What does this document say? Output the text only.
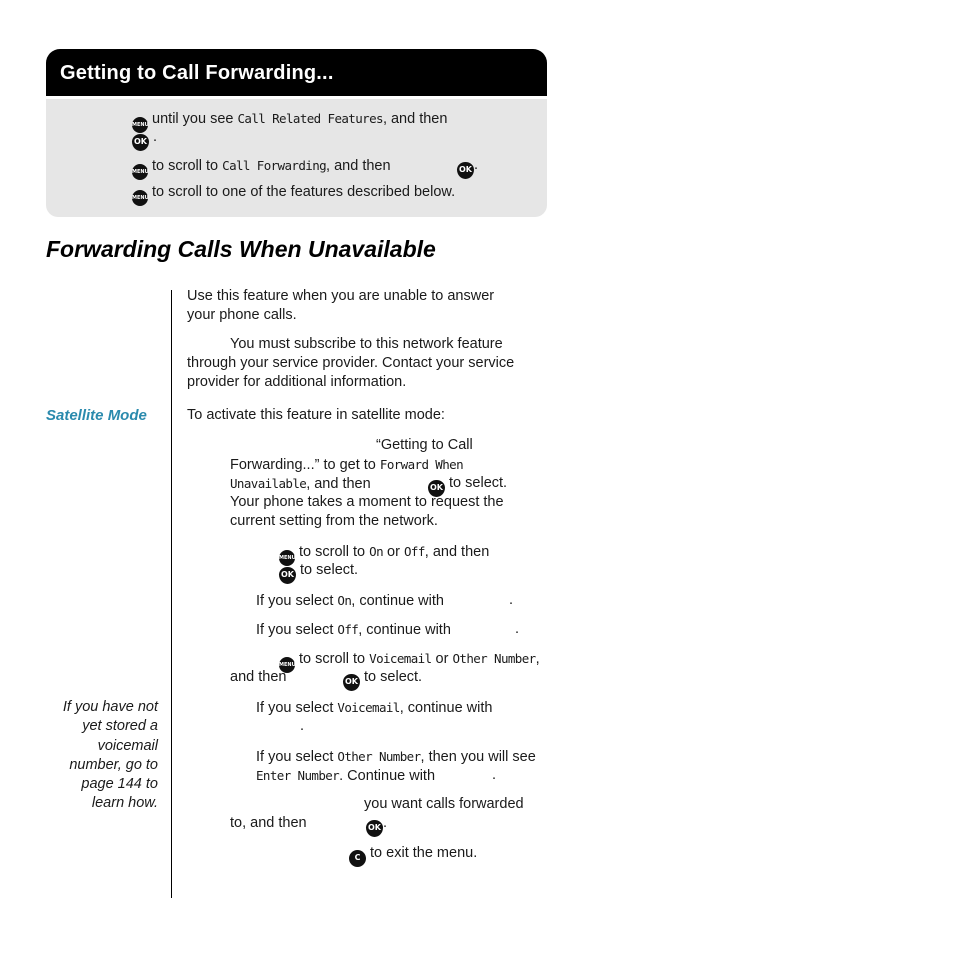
Getting to Call Forwarding...
MENU until you see Call Related Features, and then
OK .
MENU to scroll to Call Forwarding, and then	OK .
MENU to scroll to one of the features described below.
Forwarding Calls When Unavailable
Satellite Mode
If you have not yet stored a voicemail number, go to page 144 to learn how.
Use this feature when you are unable to answer
your phone calls.
You must subscribe to this network feature
through your service provider. Contact your service
provider for additional information.
To activate this feature in satellite mode:
“Getting to Call
Forwarding...” to get to Forward When
Unavailable, and then	OK to select.
Your phone takes a moment to request the
current setting from the network.
MENU to scroll to On or Off, and then
OK to select.
If you select On, continue with	.
If you select Off, continue with	.
MENU to scroll to Voicemail or Other Number,
and then	OK to select.
If you select Voicemail, continue with
.
If you select Other Number, then you will see
Enter Number. Continue with	.
you want calls forwarded
to, and then	OK .
C to exit the menu.
